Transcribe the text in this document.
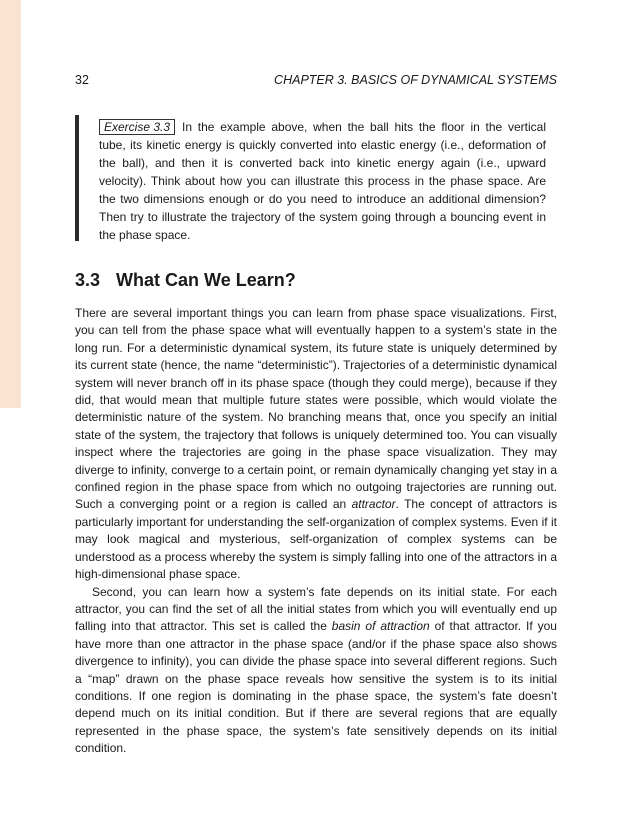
32	CHAPTER 3. BASICS OF DYNAMICAL SYSTEMS

Exercise 3.3 In the example above, when the ball hits the floor in the vertical tube, its kinetic energy is quickly converted into elastic energy (i.e., deformation of the ball), and then it is converted back into kinetic energy again (i.e., upward velocity). Think about how you can illustrate this process in the phase space. Are the two dimensions enough or do you need to introduce an additional dimension? Then try to illustrate the trajectory of the system going through a bouncing event in the phase space.

3.3 What Can We Learn?

There are several important things you can learn from phase space visualizations. First, you can tell from the phase space what will eventually happen to a system’s state in the long run. For a deterministic dynamical system, its future state is uniquely determined by its current state (hence, the name “deterministic”). Trajectories of a deterministic dynamical system will never branch off in its phase space (though they could merge), because if they did, that would mean that multiple future states were possible, which would violate the deterministic nature of the system. No branching means that, once you specify an initial state of the system, the trajectory that follows is uniquely determined too. You can visually inspect where the trajectories are going in the phase space visualization. They may diverge to infinity, converge to a certain point, or remain dynamically changing yet stay in a confined region in the phase space from which no outgoing trajectories are running out. Such a converging point or a region is called an attractor. The concept of attractors is particularly important for understanding the self-organization of complex systems. Even if it may look magical and mysterious, self-organization of complex systems can be understood as a process whereby the system is simply falling into one of the attractors in a high-dimensional phase space.

Second, you can learn how a system’s fate depends on its initial state. For each attractor, you can find the set of all the initial states from which you will eventually end up falling into that attractor. This set is called the basin of attraction of that attractor. If you have more than one attractor in the phase space (and/or if the phase space also shows divergence to infinity), you can divide the phase space into several different regions. Such a “map” drawn on the phase space reveals how sensitive the system is to its initial conditions. If one region is dominating in the phase space, the system’s fate doesn’t depend much on its initial condition. But if there are several regions that are equally represented in the phase space, the system’s fate sensitively depends on its initial condition.
